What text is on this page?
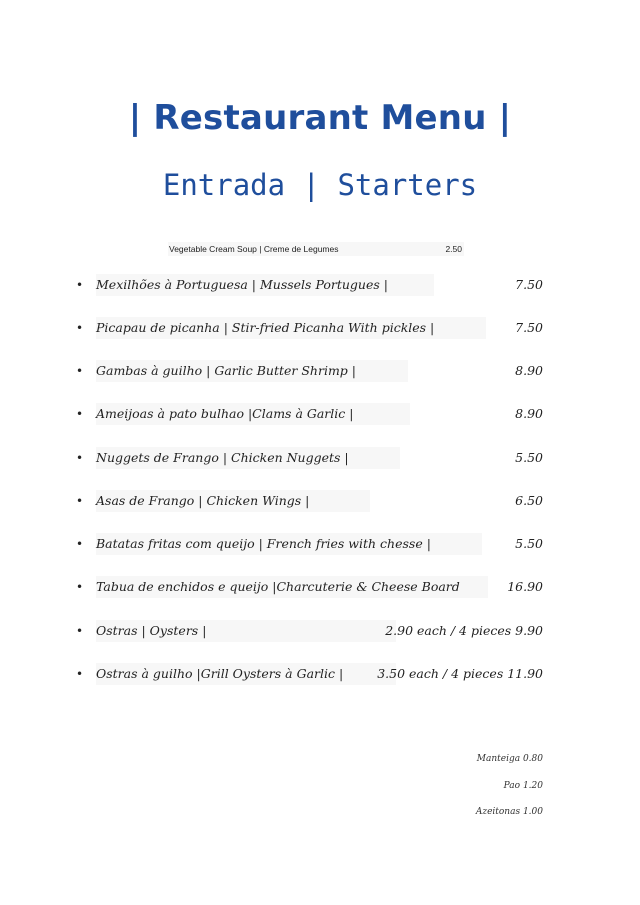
| Restaurant Menu |
Entrada | Starters
Vegetable Cream Soup | Creme de Legumes	2.50
• Mexilhões à Portuguesa | Mussels Portugues |	7.50
• Picapau de picanha | Stir-fried Picanha With pickles |	7.50
• Gambas à guilho | Garlic Butter Shrimp |	8.90
• Ameijoas à pato bulhao |Clams à Garlic |	8.90
• Nuggets de Frango | Chicken Nuggets |	5.50
• Asas de Frango | Chicken Wings |	6.50
• Batatas fritas com queijo | French fries with chesse |	5.50
• Tabua de enchidos e queijo |Charcuterie & Cheese Board	16.90
• Ostras | Oysters |	2.90 each / 4 pieces 9.90
• Ostras à guilho |Grill Oysters à Garlic |	3.50 each / 4 pieces 11.90
Manteiga 0.80
Pao 1.20
Azeitonas 1.00
